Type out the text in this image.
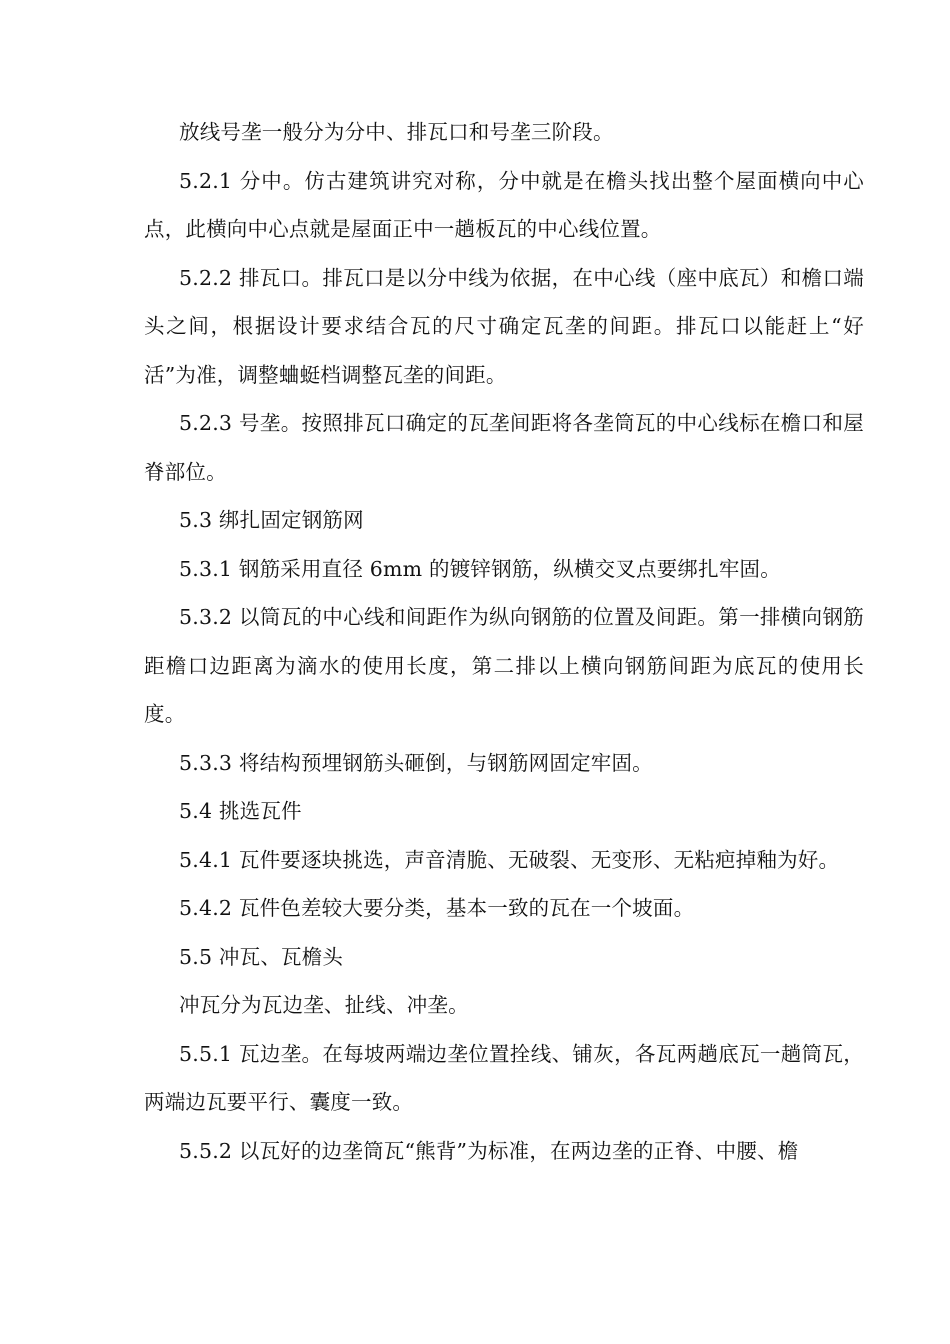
放线号垄一般分为分中、排瓦口和号垄三阶段。

5.2.1 分中。仿古建筑讲究对称，分中就是在檐头找出整个屋面横向中心点，此横向中心点就是屋面正中一趟板瓦的中心线位置。

5.2.2 排瓦口。排瓦口是以分中线为依据，在中心线（座中底瓦）和檐口端头之间，根据设计要求结合瓦的尺寸确定瓦垄的间距。排瓦口以能赶上“好活”为准，调整蛐蜓档调整瓦垄的间距。

5.2.3 号垄。按照排瓦口确定的瓦垄间距将各垄筒瓦的中心线标在檐口和屋脊部位。

5.3 绑扎固定钢筋网

5.3.1 钢筋采用直径 6mm 的镀锌钢筋，纵横交叉点要绑扎牢固。

5.3.2 以筒瓦的中心线和间距作为纵向钢筋的位置及间距。第一排横向钢筋距檐口边距离为滴水的使用长度，第二排以上横向钢筋间距为底瓦的使用长度。

5.3.3 将结构预埋钢筋头砸倒，与钢筋网固定牢固。

5.4 挑选瓦件

5.4.1 瓦件要逐块挑选，声音清脆、无破裂、无变形、无粘疤掉釉为好。

5.4.2 瓦件色差较大要分类，基本一致的瓦在一个坡面。

5.5 冲瓦、瓦檐头

冲瓦分为瓦边垄、扯线、冲垄。

5.5.1 瓦边垄。在每坡两端边垄位置拴线、铺灰，各瓦两趟底瓦一趟筒瓦，两端边瓦要平行、囊度一致。

5.5.2 以瓦好的边垄筒瓦“熊背”为标准，在两边垄的正脊、中腰、檐
